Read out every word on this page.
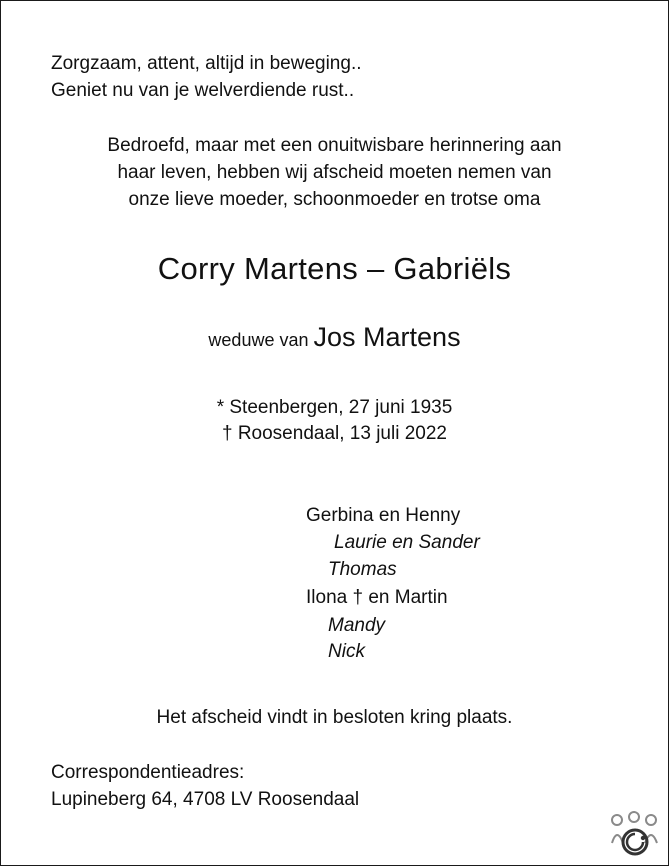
Zorgzaam, attent, altijd in beweging..
Geniet nu van je welverdiende rust..
Bedroefd, maar met een onuitwisbare herinnering aan
haar leven, hebben wij afscheid moeten nemen van
onze lieve moeder, schoonmoeder en trotse oma
Corry Martens – Gabriëls
weduwe van Jos Martens
* Steenbergen, 27 juni 1935
† Roosendaal, 13 juli 2022
Gerbina en Henny
Laurie en Sander
Thomas
Ilona † en Martin
Mandy
Nick
Het afscheid vindt in besloten kring plaats.
Correspondentieadres:
Lupineberg 64, 4708 LV Roosendaal
